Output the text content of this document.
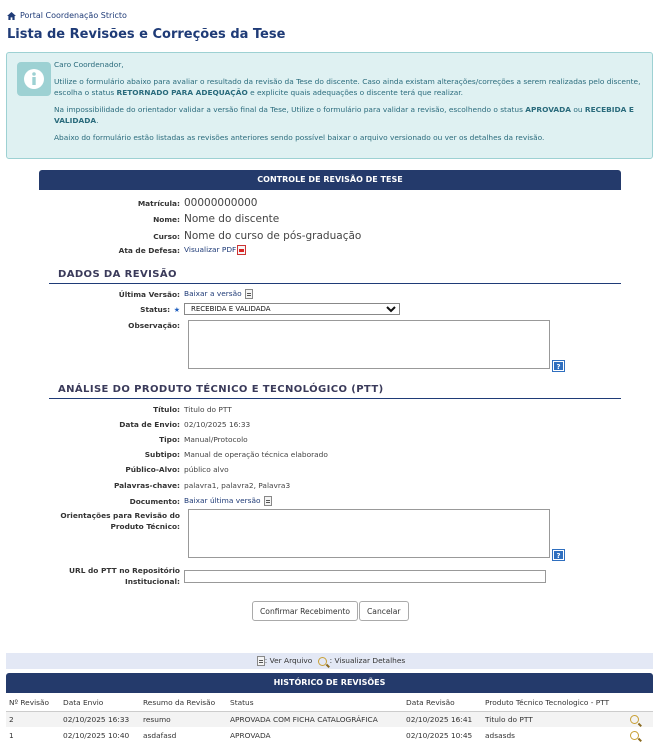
Portal Coordenação Stricto
Lista de Revisões e Correções da Tese

Caro Coordenador,

Utilize o formulário abaixo para avaliar o resultado da revisão da Tese do discente. Caso ainda existam alterações/correções a serem realizadas pelo discente, escolha o status RETORNADO PARA ADEQUAÇÃO e explicite quais adequações o discente terá que realizar.

Na impossibilidade do orientador validar a versão final da Tese, Utilize o formulário para validar a revisão, escolhendo o status APROVADA ou RECEBIDA E VALIDADA.

Abaixo do formulário estão listadas as revisões anteriores sendo possível baixar o arquivo versionado ou ver os detalhes da revisão.

CONTROLE DE REVISÃO DE TESE
Matrícula: 00000000000
Nome: Nome do discente
Curso: Nome do curso de pós-graduação
Ata de Defesa: Visualizar PDF
DADOS DA REVISÃO
Última Versão: Baixar a versão
Status: ★
RECEBIDA E VALIDADA
Observação:
?
ANÁLISE DO PRODUTO TÉCNICO E TECNOLÓGICO (PTT)
Título: Titulo do PTT
Data de Envio: 02/10/2025 16:33
Tipo: Manual/Protocolo
Subtipo: Manual de operação técnica elaborado
Público-Alvo: público alvo
Palavras-chave: palavra1, palavra2, Palavra3
Documento: Baixar última versão
Orientações para Revisão do
Produto Técnico:
?
URL do PTT no Repositório
Institucional:
Confirmar Recebimento	Cancelar
: Ver Arquivo : Visualizar Detalhes
HISTÓRICO DE REVISÕES
Nº Revisão	Data Envio	Resumo da Revisão	Status	Data Revisão	Produto Técnico Tecnologico - PTT	
2	02/10/2025 16:33	resumo	APROVADA COM FICHA CATALOGRÁFICA	02/10/2025 16:41	Titulo do PTT	
1	02/10/2025 10:40	asdafasd	APROVADA	02/10/2025 10:45	adsasds	
